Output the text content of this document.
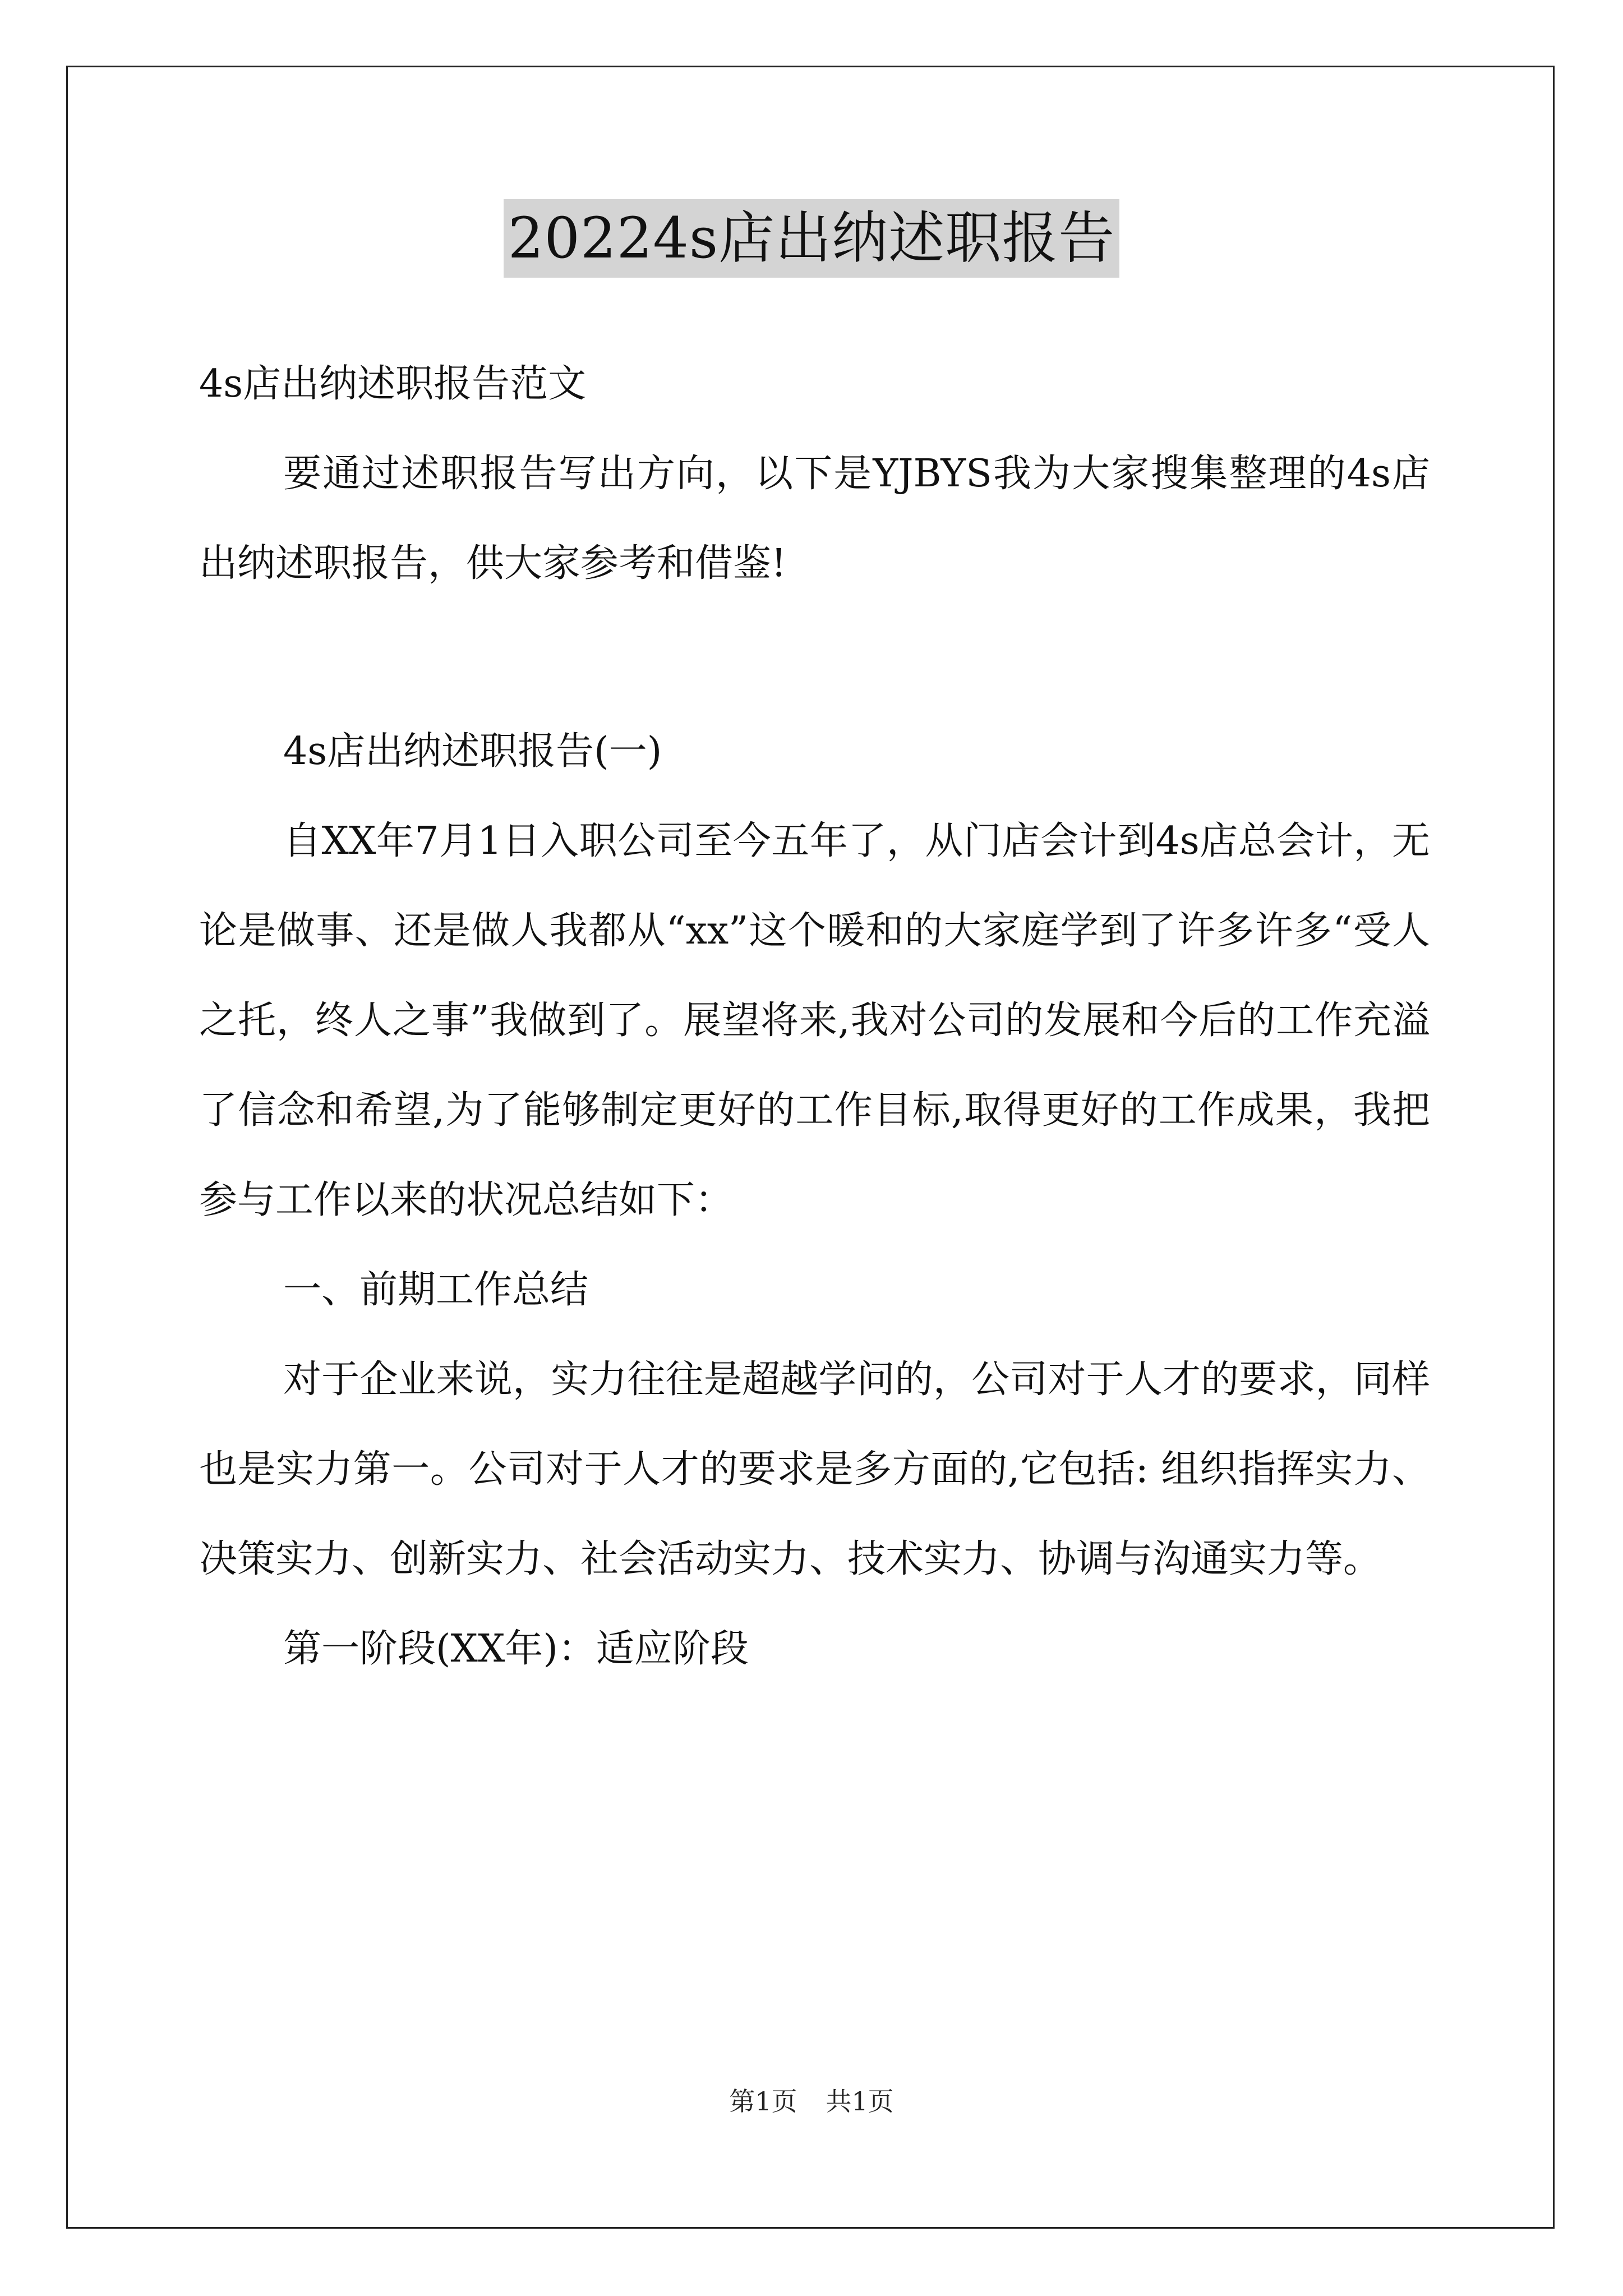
20224s店出纳述职报告

4s店出纳述职报告范文

要通过述职报告写出方向，以下是YJBYS我为大家搜集整理的4s店出纳述职报告，供大家参考和借鉴!

4s店出纳述职报告(一)

自XX年7月1日入职公司至今五年了，从门店会计到4s店总会计，无论是做事、还是做人我都从“xx”这个暖和的大家庭学到了许多许多“受人之托，终人之事”我做到了。展望将来,我对公司的发展和今后的工作充溢了信念和希望,为了能够制定更好的工作目标,取得更好的工作成果，我把参与工作以来的状况总结如下：

一、前期工作总结

对于企业来说，实力往往是超越学问的，公司对于人才的要求，同样也是实力第一。公司对于人才的要求是多方面的,它包括: 组织指挥实力、决策实力、创新实力、社会活动实力、技术实力、协调与沟通实力等。

第一阶段(XX年)：适应阶段

第1页 共1页
